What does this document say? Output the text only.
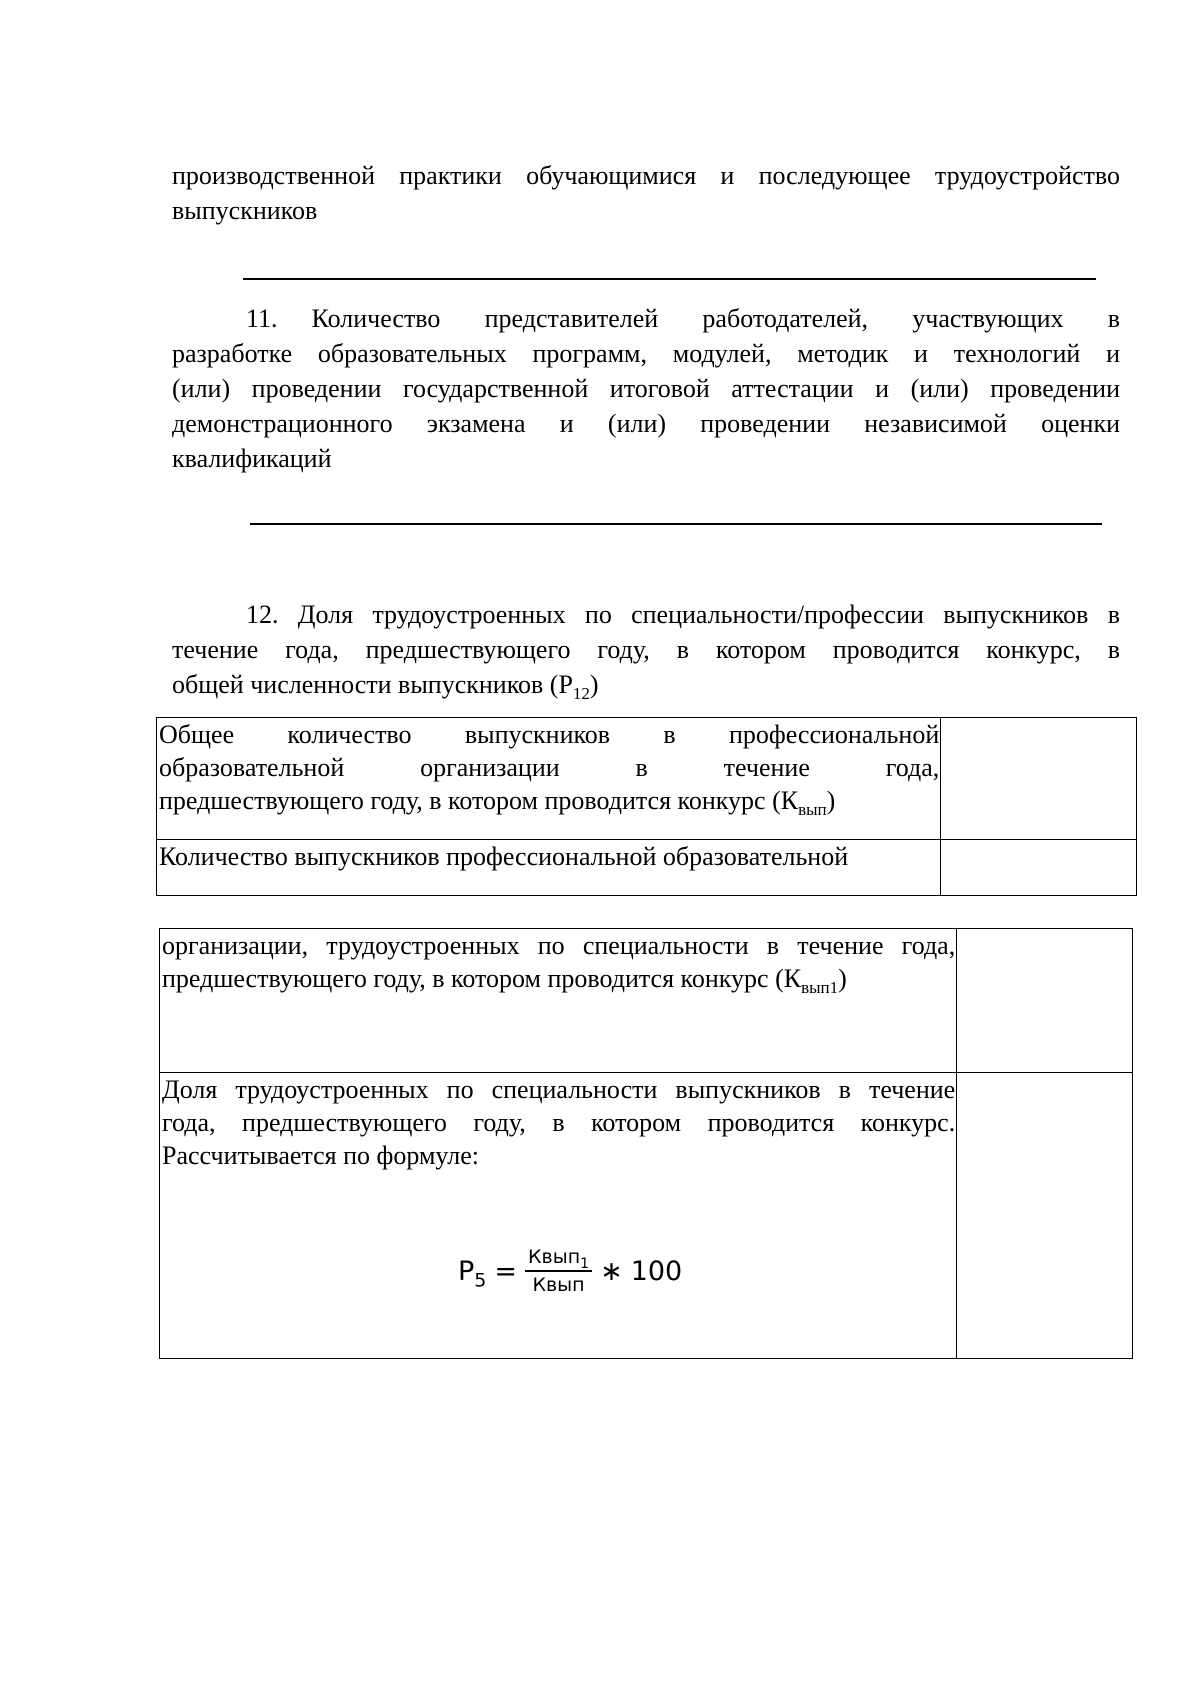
производственной практики обучающимися и последующее трудоустройство
выпускников

11. Количество представителей работодателей, участвующих в
разработке образовательных программ, модулей, методик и технологий и
(или) проведении государственной итоговой аттестации и (или) проведении
демонстрационного экзамена и (или) проведении независимой оценки
квалификаций

12. Доля трудоустроенных по специальности/профессии выпускников в
течение года, предшествующего году, в котором проводится конкурс, в
общей численности выпускников $(Р_{12})$

Общее количество выпускников в профессиональной
образовательной организации в течение года,
предшествующего году, в котором проводится конкурс $(К_{вып})$	

Количество выпускников профессиональной образовательной	

организации, трудоустроенных по специальности в течение года,
предшествующего году, в котором проводится конкурс $(К_{вып1})$	

Доля трудоустроенных по специальности выпускников в течение
года, предшествующего году, в котором проводится конкурс.
Рассчитывается по формуле:	

$Р_5 = \frac{Квып_1}{\text{Квып}}$ ∗ 100
